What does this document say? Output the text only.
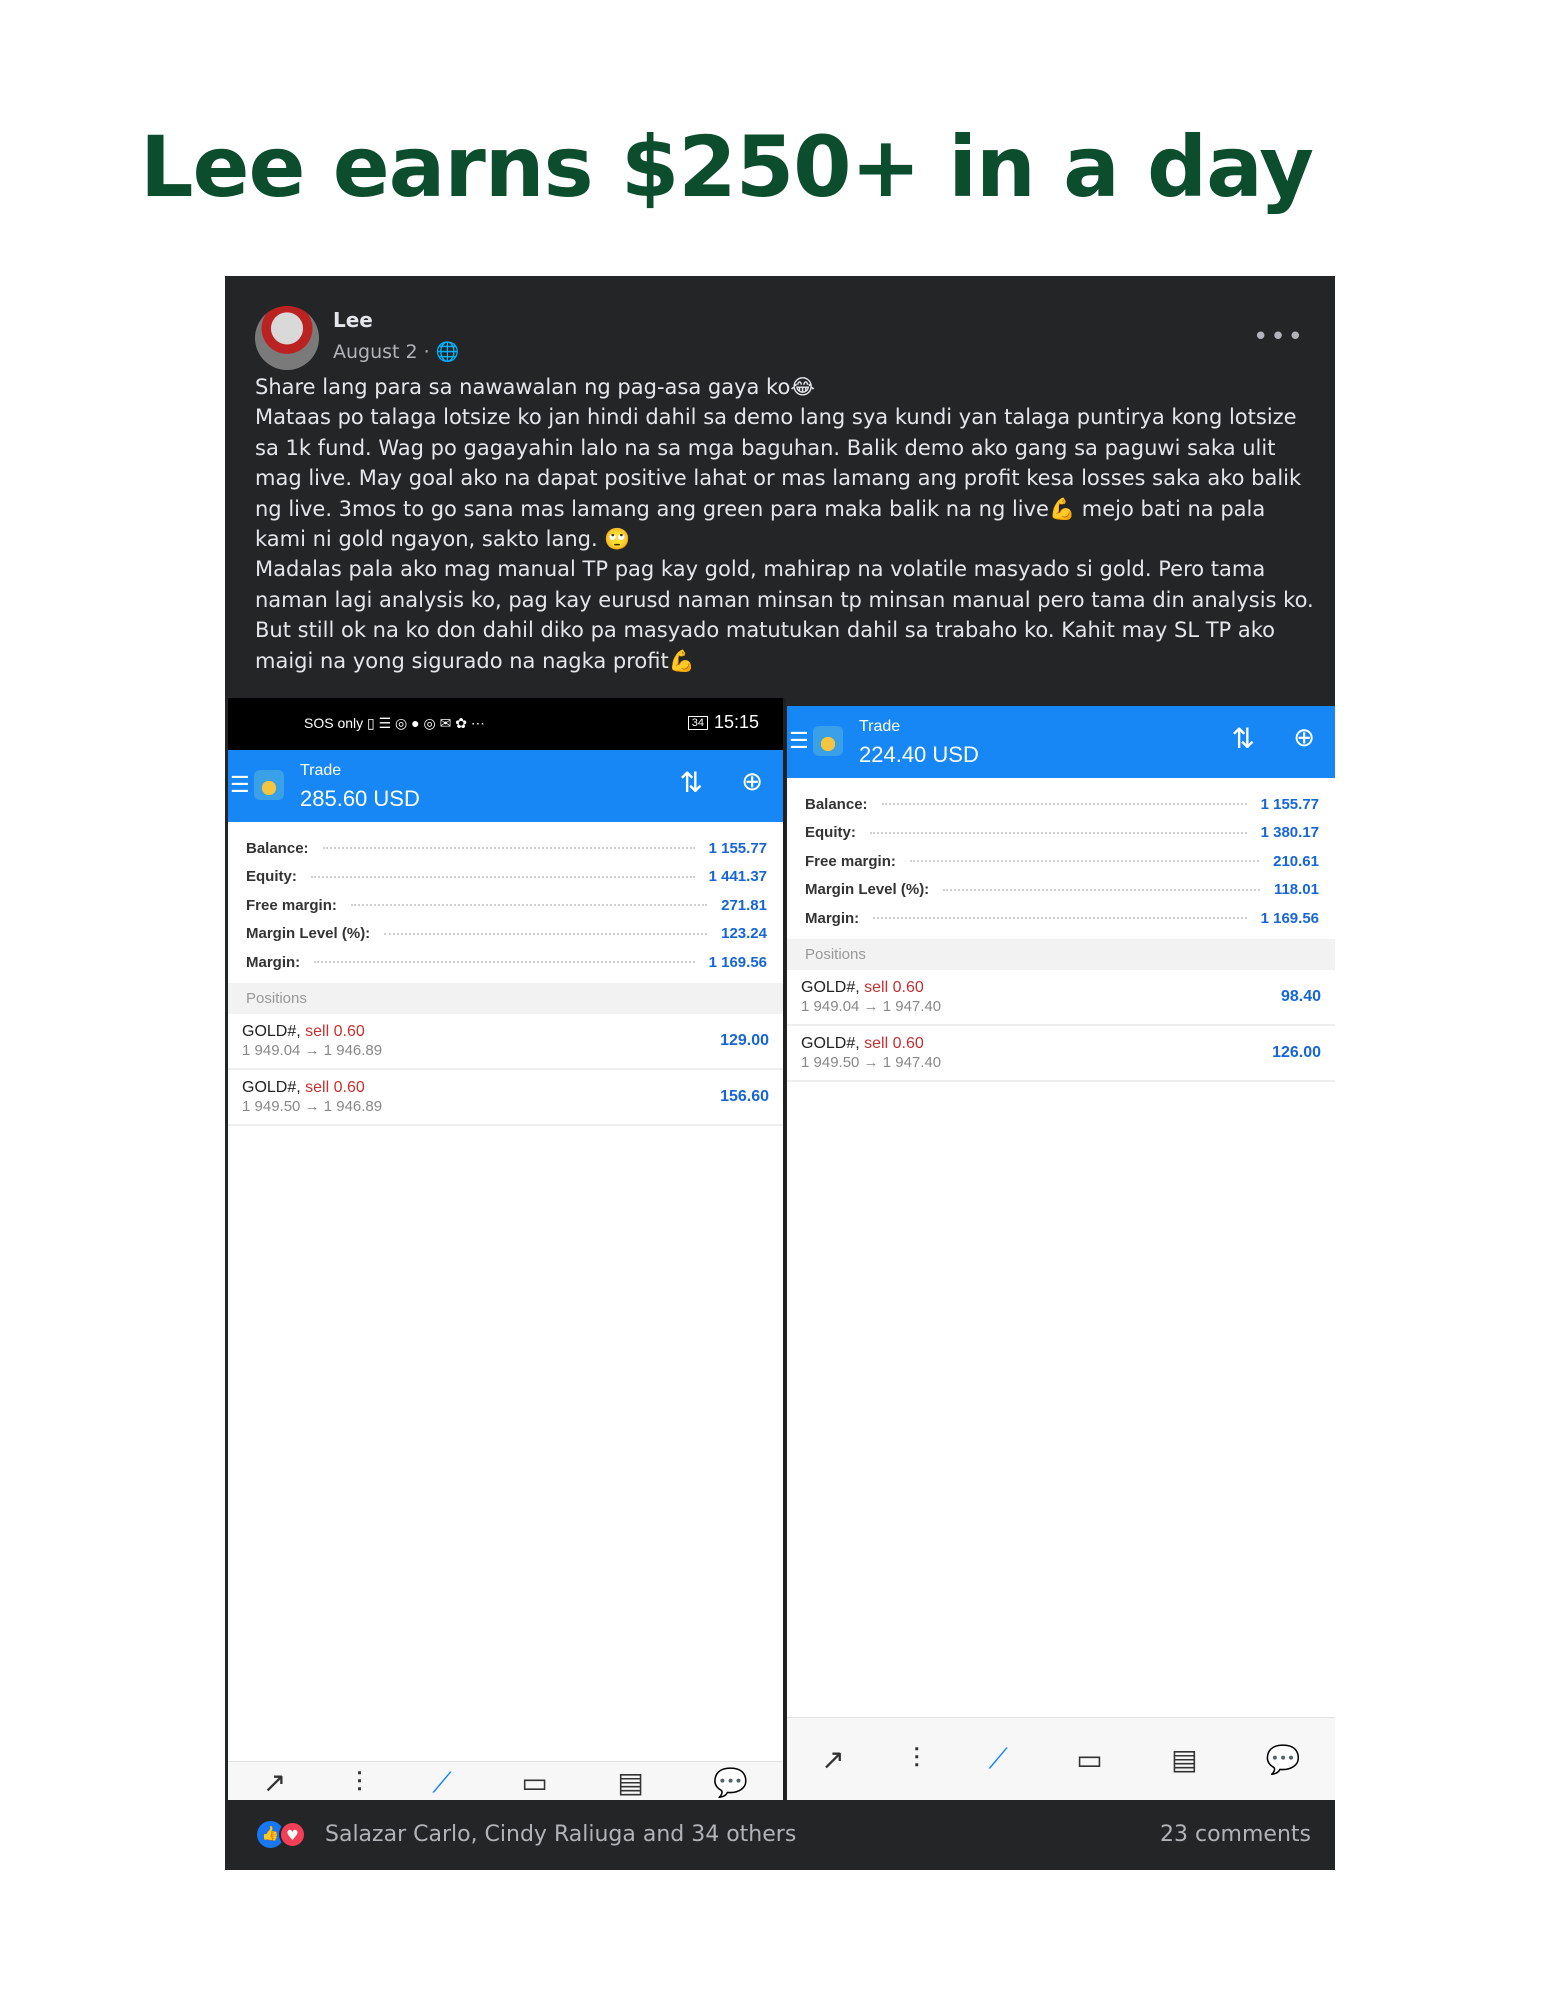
Lee earns $250+ in a day
Lee
August 2 · 🌐	•••

Share lang para sa nawawalan ng pag-asa gaya ko😂

Mataas po talaga lotsize ko jan hindi dahil sa demo lang sya kundi yan talaga puntirya kong lotsize sa 1k fund. Wag po gagayahin lalo na sa mga baguhan. Balik demo ako gang sa paguwi saka ulit mag live. May goal ako na dapat positive lahat or mas lamang ang profit kesa losses saka ako balik ng live. 3mos to go sana mas lamang ang green para maka balik na ng live💪 mejo bati na pala kami ni gold ngayon, sakto lang. 🙄

Madalas pala ako mag manual TP pag kay gold, mahirap na volatile masyado si gold. Pero tama naman lagi analysis ko, pag kay eurusd naman minsan tp minsan manual pero tama din analysis ko. But still ok na ko don dahil diko pa masyado matutukan dahil sa trabaho ko. Kahit may SL TP ako maigi na yong sigurado na nagka profit💪

SOS only ▯ ☰ ◎ ● ◎ ✉ ✿ ⋯	34 15:15
☰
Trade
285.60 USD
⇅ ⊕
Balance:	1 155.77
Equity:	1 441.37
Free margin:	271.81
Margin Level (%):	123.24
Margin:	1 169.56
Positions
GOLD#, sell 0.60
1 949.04 → 1 946.89
129.00
GOLD#, sell 0.60
1 949.50 → 1 946.89
156.60
↗ ⫶ ⟋ ▭ ▤ 💬
☰
Trade
224.40 USD
⇅ ⊕
Balance:	1 155.77
Equity:	1 380.17
Free margin:	210.61
Margin Level (%):	118.01
Margin:	1 169.56
Positions
GOLD#, sell 0.60
1 949.04 → 1 947.40
98.40
GOLD#, sell 0.60
1 949.50 → 1 947.40
126.00
↗ ⫶ ⟋ ▭ ▤ 💬
👍 ♥	Salazar Carlo, Cindy Raliuga and 34 others	23 comments
